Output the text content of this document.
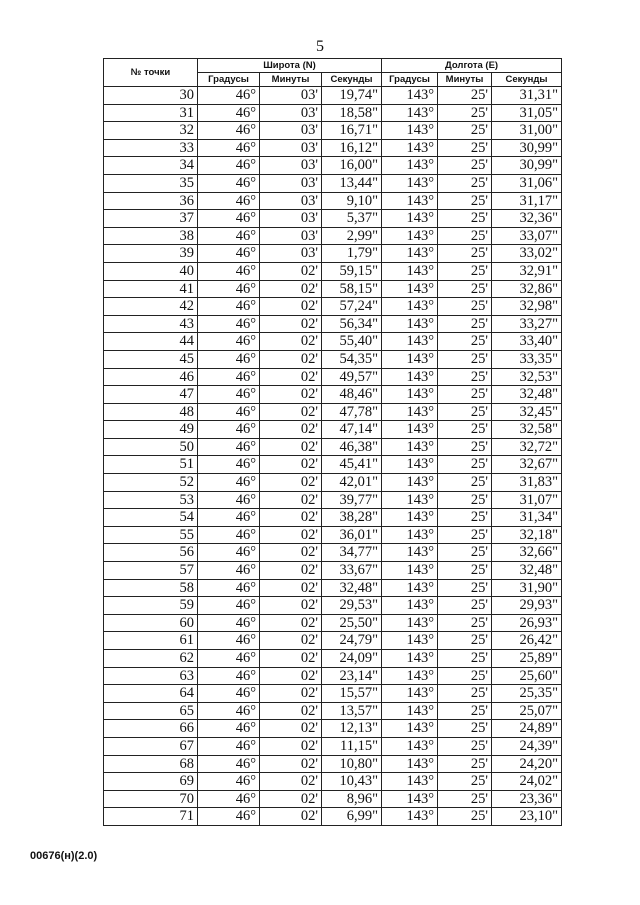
5
№ точки	Широта (N)			Долгота (E)		
	Градусы	Минуты	Секунды	Градусы	Минуты	Секунды
30	46°	03'	19,74"	143°	25'	31,31"
31	46°	03'	18,58"	143°	25'	31,05"
32	46°	03'	16,71"	143°	25'	31,00"
33	46°	03'	16,12"	143°	25'	30,99"
34	46°	03'	16,00"	143°	25'	30,99"
35	46°	03'	13,44"	143°	25'	31,06"
36	46°	03'	9,10"	143°	25'	31,17"
37	46°	03'	5,37"	143°	25'	32,36"
38	46°	03'	2,99"	143°	25'	33,07"
39	46°	03'	1,79"	143°	25'	33,02"
40	46°	02'	59,15"	143°	25'	32,91"
41	46°	02'	58,15"	143°	25'	32,86"
42	46°	02'	57,24"	143°	25'	32,98"
43	46°	02'	56,34"	143°	25'	33,27"
44	46°	02'	55,40"	143°	25'	33,40"
45	46°	02'	54,35"	143°	25'	33,35"
46	46°	02'	49,57"	143°	25'	32,53"
47	46°	02'	48,46"	143°	25'	32,48"
48	46°	02'	47,78"	143°	25'	32,45"
49	46°	02'	47,14"	143°	25'	32,58"
50	46°	02'	46,38"	143°	25'	32,72"
51	46°	02'	45,41"	143°	25'	32,67"
52	46°	02'	42,01"	143°	25'	31,83"
53	46°	02'	39,77"	143°	25'	31,07"
54	46°	02'	38,28"	143°	25'	31,34"
55	46°	02'	36,01"	143°	25'	32,18"
56	46°	02'	34,77"	143°	25'	32,66"
57	46°	02'	33,67"	143°	25'	32,48"
58	46°	02'	32,48"	143°	25'	31,90"
59	46°	02'	29,53"	143°	25'	29,93"
60	46°	02'	25,50"	143°	25'	26,93"
61	46°	02'	24,79"	143°	25'	26,42"
62	46°	02'	24,09"	143°	25'	25,89"
63	46°	02'	23,14"	143°	25'	25,60"
64	46°	02'	15,57"	143°	25'	25,35"
65	46°	02'	13,57"	143°	25'	25,07"
66	46°	02'	12,13"	143°	25'	24,89"
67	46°	02'	11,15"	143°	25'	24,39"
68	46°	02'	10,80"	143°	25'	24,20"
69	46°	02'	10,43"	143°	25'	24,02"
70	46°	02'	8,96"	143°	25'	23,36"
71	46°	02'	6,99"	143°	25'	23,10"
00676(н)(2.0)
